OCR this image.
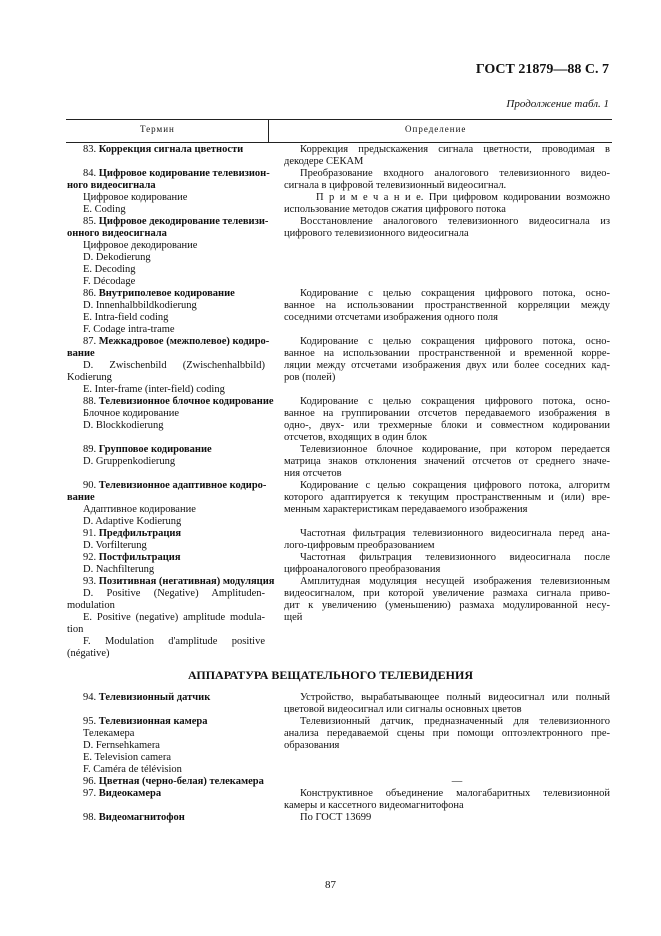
ГОСТ 21879—88 С. 7
Продолжение табл. 1
Термин	Определение
83. Коррекция сигнала цветности
84. Цифровое кодирование телевизион-
ного видеосигнала
Цифровое кодирование
E. Coding
85. Цифровое декодирование телевизи-
онного видеосигнала
Цифровое декодирование
D. Dekodierung
E. Decoding
F. Décodage
86. Внутриполевое кодирование
D. Innenhalbbildkodierung
E. Intra-field coding
F. Codage intra-trame
87. Межкадровое (межполевое) кодиро-
вание
D. Zwischenbild (Zwischenhalbbild)
Kodierung
E. Inter-frame (inter-field) coding
88. Телевизионное блочное кодирование
Блочное кодирование
D. Blockkodierung
89. Групповое кодирование
D. Gruppenkodierung
90. Телевизионное адаптивное кодиро-
вание
Адаптивное кодирование
D. Adaptive Kodierung
91. Предфильтрация
D. Vorfilterung
92. Постфильтрация
D. Nachfilterung
93. Позитивная (негативная) модуляция
D. Positive (Negative) Amplituden-
modulation
E. Positive (negative) amplitude modula-
tion
F. Modulation d'amplitude positive
(négative)
Коррекция предыскажения сигнала цветности, проводимая в
декодере СЕКАМ
Преобразование входного аналогового телевизионного видео-
сигнала в цифровой телевизионный видеосигнал.
П р и м е ч а н и е. При цифровом кодировании возможно
использование методов сжатия цифрового потока
Восстановление аналогового телевизионного видеосигнала из
цифрового телевизионного видеосигнала
Кодирование с целью сокращения цифрового потока, осно-
ванное на использовании пространственной корреляции между
соседними отсчетами изображения одного поля
Кодирование с целью сокращения цифрового потока, осно-
ванное на использовании пространственной и временной корре-
ляции между отсчетами изображения двух или более соседних кад-
ров (полей)
Кодирование с целью сокращения цифрового потока, осно-
ванное на группировании отсчетов передаваемого изображения в
одно-, двух- или трехмерные блоки и совместном кодировании
отсчетов, входящих в один блок
Телевизионное блочное кодирование, при котором передается
матрица знаков отклонения значений отсчетов от среднего значе-
ния отсчетов
Кодирование с целью сокращения цифрового потока, алгоритм
которого адаптируется к текущим пространственным и (или) вре-
менным характеристикам передаваемого изображения
Частотная фильтрация телевизионного видеосигнала перед ана-
лого-цифровым преобразованием
Частотная фильтрация телевизионного видеосигнала после
цифроаналогового преобразования
Амплитудная модуляция несущей изображения телевизионным
видеосигналом, при которой увеличение размаха сигнала приво-
дит к увеличению (уменьшению) размаха модулированной несу-
щей
АППАРАТУРА ВЕЩАТЕЛЬНОГО ТЕЛЕВИДЕНИЯ
94. Телевизионный датчик
95. Телевизионная камера
Телекамера
D. Fernsehkamera
E. Television camera
F. Caméra de télévision
96. Цветная (черно-белая) телекамера
97. Видеокамера
98. Видеомагнитофон
Устройство, вырабатывающее полный видеосигнал или полный
цветовой видеосигнал или сигналы основных цветов
Телевизионный датчик, предназначенный для телевизионного
анализа передаваемой сцены при помощи оптоэлектронного пре-
образования
—
Конструктивное объединение малогабаритных телевизионной
камеры и кассетного видеомагнитофона
По ГОСТ 13699
87
